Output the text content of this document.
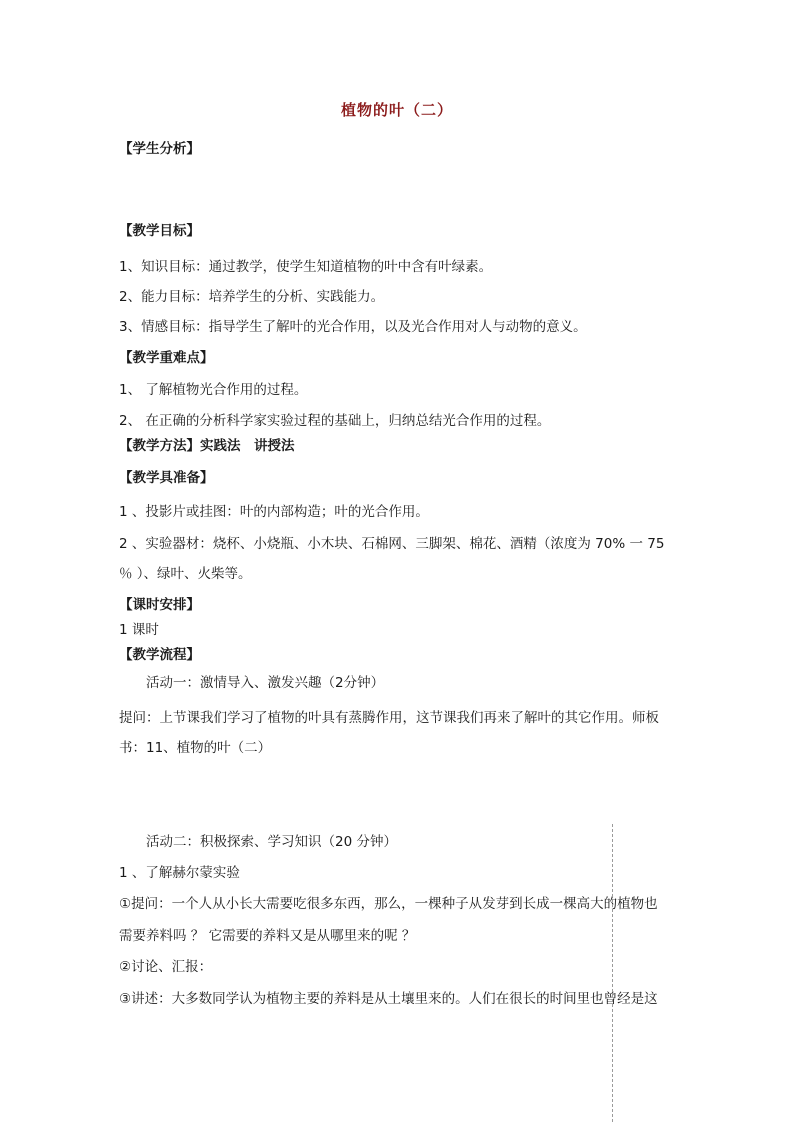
植物的叶（二）
【学生分析】
【教学目标】
1、知识目标：通过教学，使学生知道植物的叶中含有叶绿素。
2、能力目标：培养学生的分析、实践能力。
3、情感目标：指导学生了解叶的光合作用，以及光合作用对人与动物的意义。
【教学重难点】
1、 了解植物光合作用的过程。
2、 在正确的分析科学家实验过程的基础上，归纳总结光合作用的过程。
【教学方法】实践法　讲授法
【教学具准备】
1 、投影片或挂图：叶的内部构造；叶的光合作用。
2 、实验器材：烧杯、小烧瓶、小木块、石棉网、三脚架、棉花、酒精（浓度为 70% 一 75
％ ）、绿叶、火柴等。
【课时安排】
1 课时
【教学流程】
活动一：激情导入、激发兴趣（2分钟）
提问：上节课我们学习了植物的叶具有蒸腾作用，这节课我们再来了解叶的其它作用。师板
书：11、植物的叶（二）
活动二：积极探索、学习知识（20 分钟）
1 、了解赫尔蒙实验
①提问：一个人从小长大需要吃很多东西，那么，一棵种子从发芽到长成一棵高大的植物也
需要养料吗 ？ 它需要的养料又是从哪里来的呢 ？
②讨论、汇报：
③讲述：大多数同学认为植物主要的养料是从土壤里来的。人们在很长的时间里也曾经是这
